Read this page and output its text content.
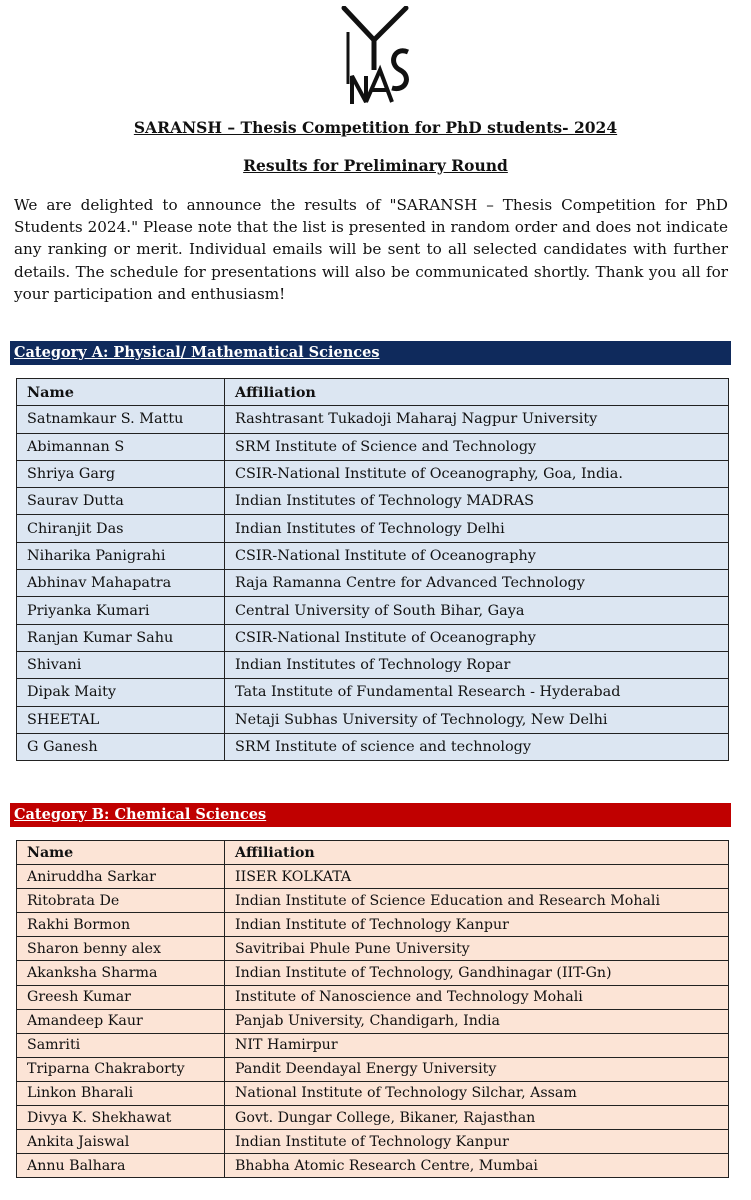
SARANSH – Thesis Competition for PhD students- 2024

Results for Preliminary Round

We are delighted to announce the results of "SARANSH – Thesis Competition for PhD Students 2024." Please note that the list is presented in random order and does not indicate any ranking or merit. Individual emails will be sent to all selected candidates with further details. The schedule for presentations will also be communicated shortly. Thank you all for your participation and enthusiasm!

Category A: Physical/ Mathematical Sciences
Name	Affiliation
Satnamkaur S. Mattu	Rashtrasant Tukadoji Maharaj Nagpur University
Abimannan S	SRM Institute of Science and Technology
Shriya Garg	CSIR-National Institute of Oceanography, Goa, India.
Saurav Dutta	Indian Institutes of Technology MADRAS
Chiranjit Das	Indian Institutes of Technology Delhi
Niharika Panigrahi	CSIR-National Institute of Oceanography
Abhinav Mahapatra	Raja Ramanna Centre for Advanced Technology
Priyanka Kumari	Central University of South Bihar, Gaya
Ranjan Kumar Sahu	CSIR-National Institute of Oceanography
Shivani	Indian Institutes of Technology Ropar
Dipak Maity	Tata Institute of Fundamental Research - Hyderabad
SHEETAL	Netaji Subhas University of Technology, New Delhi
G Ganesh	SRM Institute of science and technology
Category B: Chemical Sciences
Name	Affiliation
Aniruddha Sarkar	IISER KOLKATA
Ritobrata De	Indian Institute of Science Education and Research Mohali
Rakhi Bormon	Indian Institute of Technology Kanpur
Sharon benny alex	Savitribai Phule Pune University
Akanksha Sharma	Indian Institute of Technology, Gandhinagar (IIT-Gn)
Greesh Kumar	Institute of Nanoscience and Technology Mohali
Amandeep Kaur	Panjab University, Chandigarh, India
Samriti	NIT Hamirpur
Triparna Chakraborty	Pandit Deendayal Energy University
Linkon Bharali	National Institute of Technology Silchar, Assam
Divya K. Shekhawat	Govt. Dungar College, Bikaner, Rajasthan
Ankita Jaiswal	Indian Institute of Technology Kanpur
Annu Balhara	Bhabha Atomic Research Centre, Mumbai
